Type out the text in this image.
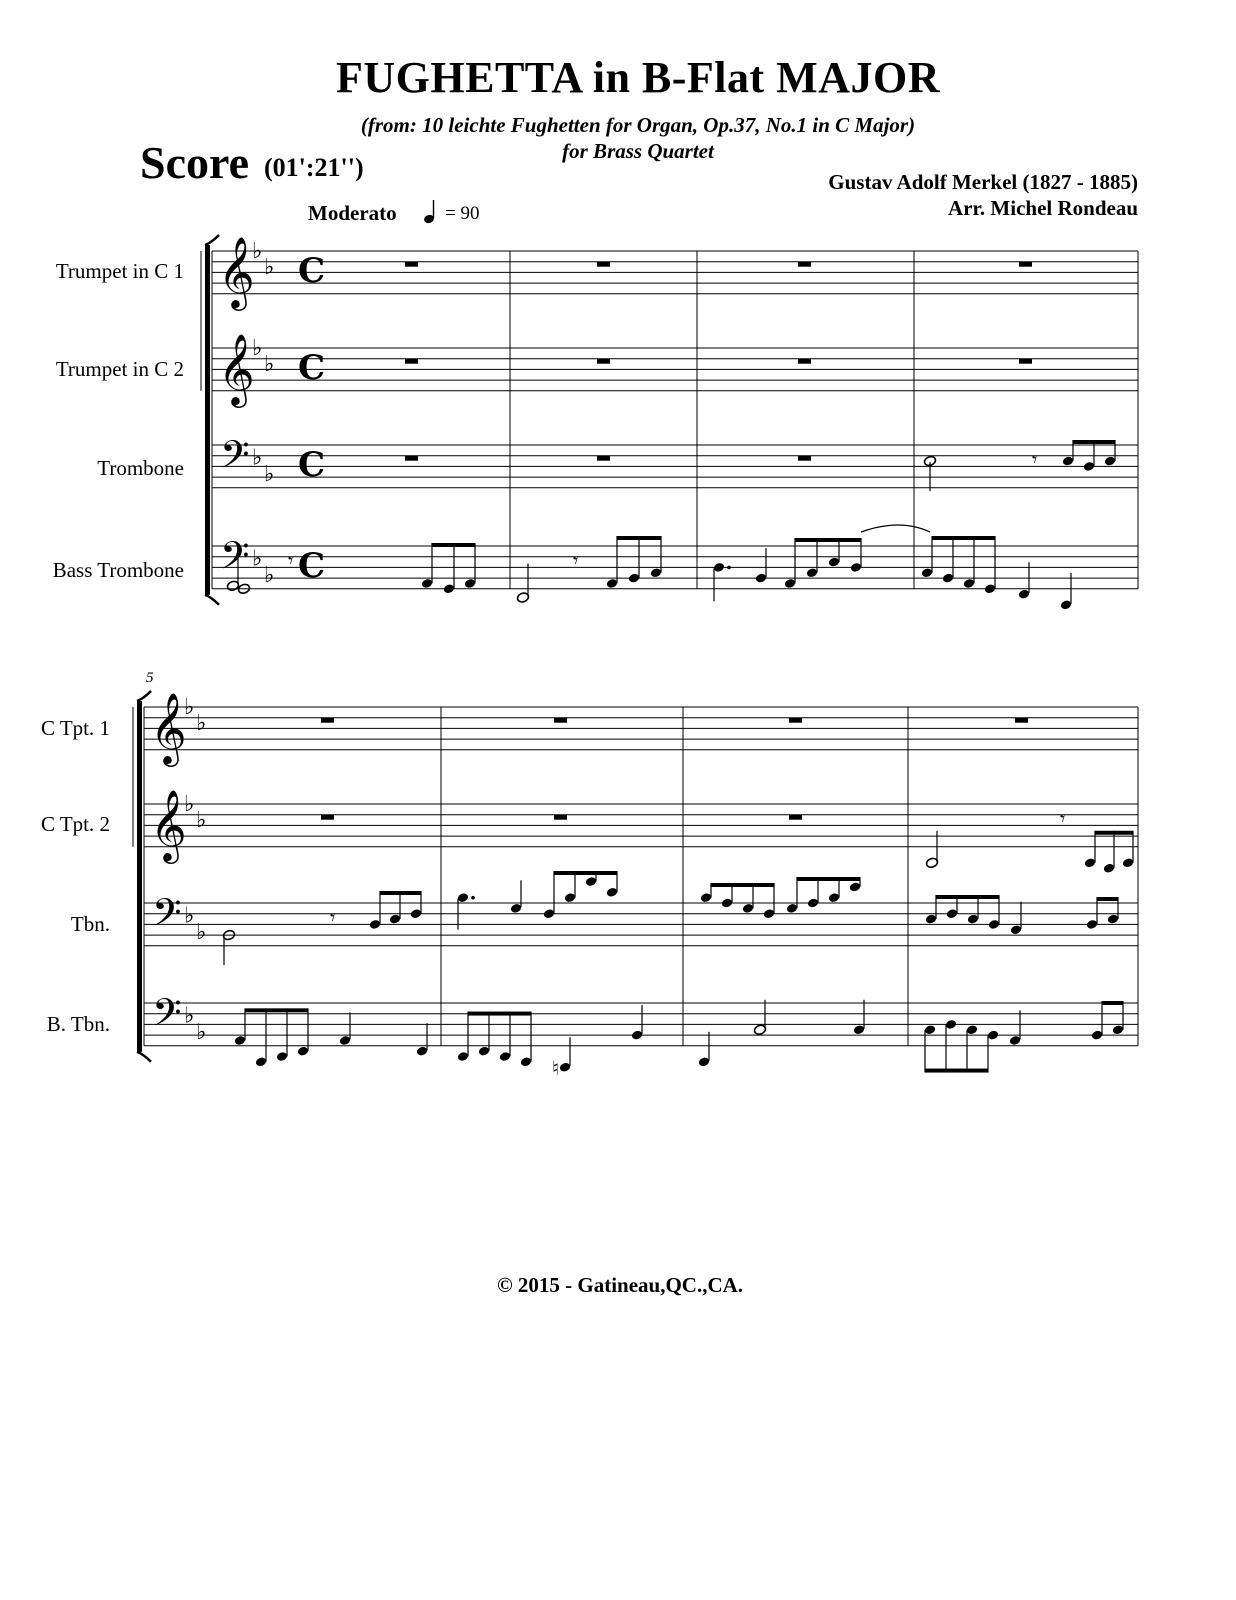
FUGHETTA in B-Flat MAJOR
(from: 10 leichte Fughetten for Organ, Op.37, No.1 in C Major)
for Brass Quartet
Score (01':21'')	Gustav Adolf Merkel (1827 - 1885)
Arr. Michel Rondeau
Moderato	= 90
Trumpet in C 1
Trumpet in C 2
Trombone
Bass Trombone
5
C Tpt. 1
C Tpt. 2
Tbn.
B. Tbn.
© 2015 - Gatineau,QC.,CA.
𝄞
𝄞
𝄢
𝄢
♭
♭
♭
♭
♭
♭
♭
♭
C
C
C
C
𝄞
𝄞
𝄢
𝄢
♭
♭
♭
♭
♭
♭
♭
♭
𝄾
𝄾	𝄾
𝄾
𝄾
♮
